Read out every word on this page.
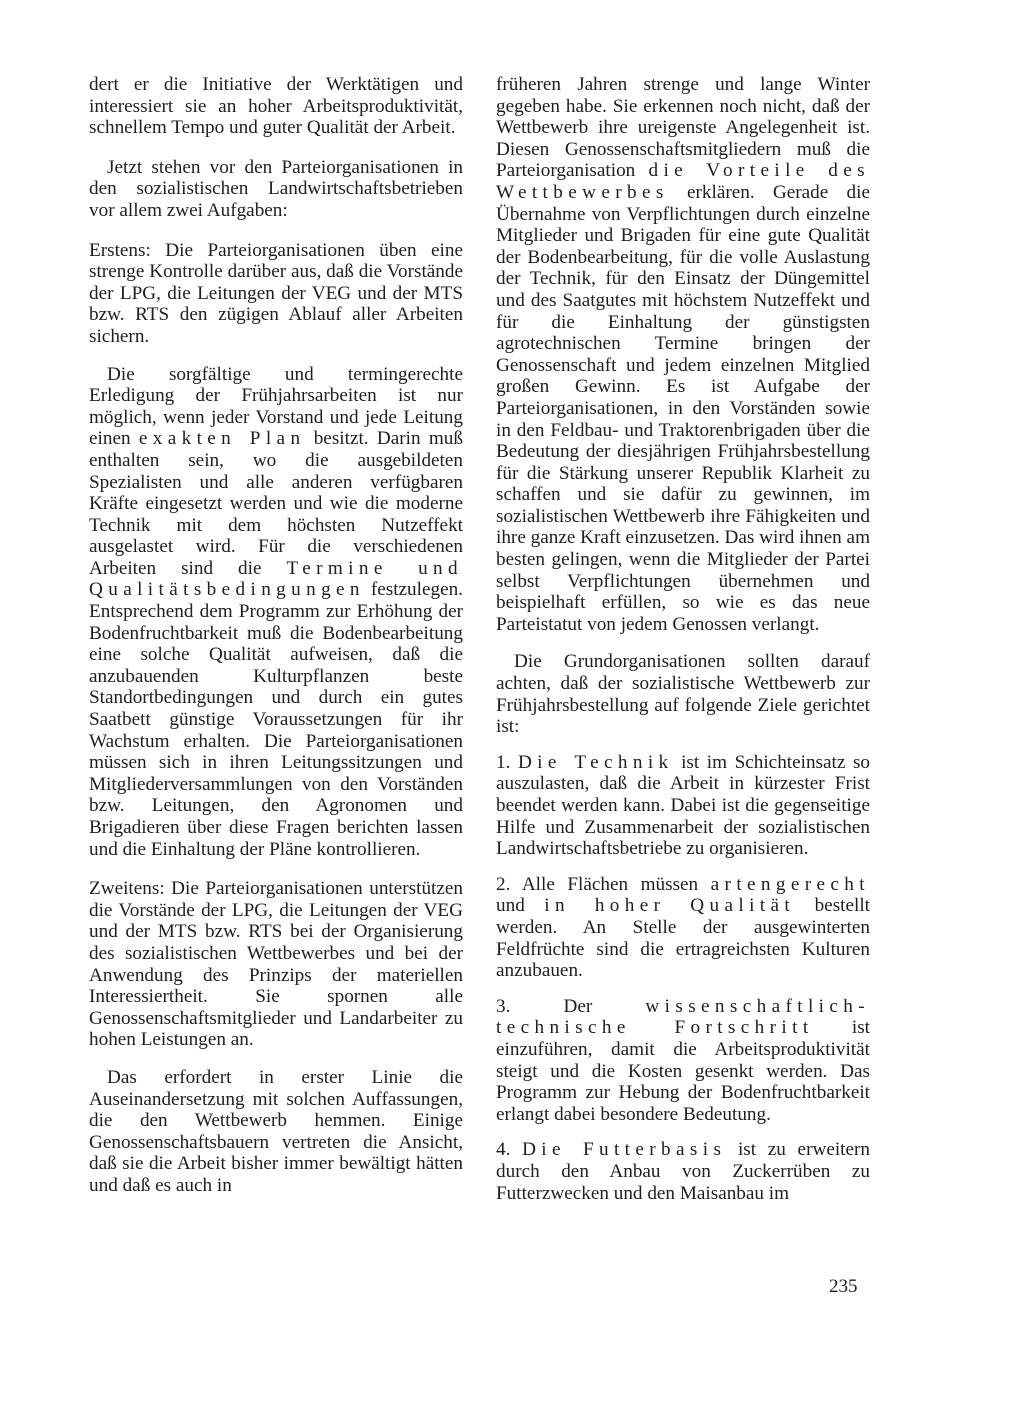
dert er die Initiative der Werktätigen und interessiert sie an hoher Arbeitsproduktivität, schnellem Tempo und guter Qualität der Arbeit.

Jetzt stehen vor den Parteiorganisationen in den sozialistischen Landwirtschaftsbetrieben vor allem zwei Aufgaben:

Erstens: Die Parteiorganisationen üben eine strenge Kontrolle darüber aus, daß die Vorstände der LPG, die Leitungen der VEG und der MTS bzw. RTS den zügigen Ablauf aller Arbeiten sichern.

Die sorgfältige und termingerechte Erledigung der Frühjahrsarbeiten ist nur möglich, wenn jeder Vorstand und jede Leitung einen exakten Plan besitzt. Darin muß enthalten sein, wo die ausgebildeten Spezialisten und alle anderen verfügbaren Kräfte eingesetzt werden und wie die moderne Technik mit dem höchsten Nutzeffekt ausgelastet wird. Für die verschiedenen Arbeiten sind die Termine und Qualitätsbedingungen festzulegen. Entsprechend dem Programm zur Erhöhung der Bodenfruchtbarkeit muß die Bodenbearbeitung eine solche Qualität aufweisen, daß die anzubauenden Kulturpflanzen beste Standortbedingungen und durch ein gutes Saatbett günstige Voraussetzungen für ihr Wachstum erhalten. Die Parteiorganisationen müssen sich in ihren Leitungssitzungen und Mitgliederversammlungen von den Vorständen bzw. Leitungen, den Agronomen und Brigadieren über diese Fragen berichten lassen und die Einhaltung der Pläne kontrollieren.

Zweitens: Die Parteiorganisationen unterstützen die Vorstände der LPG, die Leitungen der VEG und der MTS bzw. RTS bei der Organisierung des sozialistischen Wettbewerbes und bei der Anwendung des Prinzips der materiellen Interessiertheit. Sie spornen alle Genossenschaftsmitglieder und Landarbeiter zu hohen Leistungen an.

Das erfordert in erster Linie die Auseinandersetzung mit solchen Auffassungen, die den Wettbewerb hemmen. Einige Genossenschaftsbauern vertreten die Ansicht, daß sie die Arbeit bisher immer bewältigt hätten und daß es auch in

früheren Jahren strenge und lange Winter gegeben habe. Sie erkennen noch nicht, daß der Wettbewerb ihre ureigenste Angelegenheit ist. Diesen Genossenschaftsmitgliedern muß die Parteiorganisation die Vorteile des Wettbewerbes erklären. Gerade die Übernahme von Verpflichtungen durch einzelne Mitglieder und Brigaden für eine gute Qualität der Bodenbearbeitung, für die volle Auslastung der Technik, für den Einsatz der Düngemittel und des Saatgutes mit höchstem Nutzeffekt und für die Einhaltung der günstigsten agrotechnischen Termine bringen der Genossenschaft und jedem einzelnen Mitglied großen Gewinn. Es ist Aufgabe der Parteiorganisationen, in den Vorständen sowie in den Feldbau- und Traktorenbrigaden über die Bedeutung der diesjährigen Frühjahrsbestellung für die Stärkung unserer Republik Klarheit zu schaffen und sie dafür zu gewinnen, im sozialistischen Wettbewerb ihre Fähigkeiten und ihre ganze Kraft einzusetzen. Das wird ihnen am besten gelingen, wenn die Mitglieder der Partei selbst Verpflichtungen übernehmen und beispielhaft erfüllen, so wie es das neue Parteistatut von jedem Genossen verlangt.

Die Grundorganisationen sollten darauf achten, daß der sozialistische Wettbewerb zur Frühjahrsbestellung auf folgende Ziele gerichtet ist:

1. Die Technik ist im Schichteinsatz so auszulasten, daß die Arbeit in kürzester Frist beendet werden kann. Dabei ist die gegenseitige Hilfe und Zusammenarbeit der sozialistischen Landwirtschaftsbetriebe zu organisieren.

2. Alle Flächen müssen artengerecht und in hoher Qualität bestellt werden. An Stelle der ausgewinterten Feldfrüchte sind die ertragreichsten Kulturen anzubauen.

3. Der wissenschaftlich-technische Fortschritt ist einzuführen, damit die Arbeitsproduktivität steigt und die Kosten gesenkt werden. Das Programm zur Hebung der Bodenfruchtbarkeit erlangt dabei besondere Bedeutung.

4. Die Futterbasis ist zu erweitern durch den Anbau von Zuckerrüben zu Futterzwecken und den Maisanbau im

235
